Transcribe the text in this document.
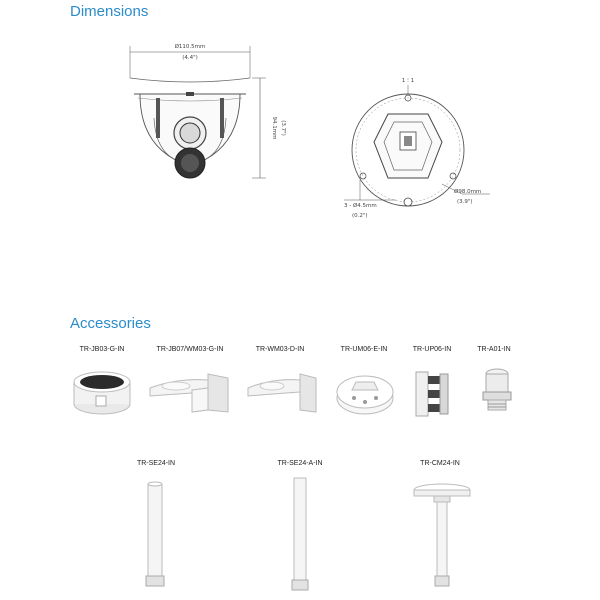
Dimensions
Accessories
Ø110.5mm
(4.4")
94.1mm (3.7")
1 ⁝ 1
Ø98.0mm
(3.9")
3 - Ø4.5mm
(0.2")
TR-JB03-G-IN	TR-JB07/WM03-G-IN	TR-WM03-D-IN	TR-UM06-E-IN	TR-UP06-IN	TR-A01-IN
TR-SE24-IN	TR-SE24-A-IN	TR-CM24-IN
